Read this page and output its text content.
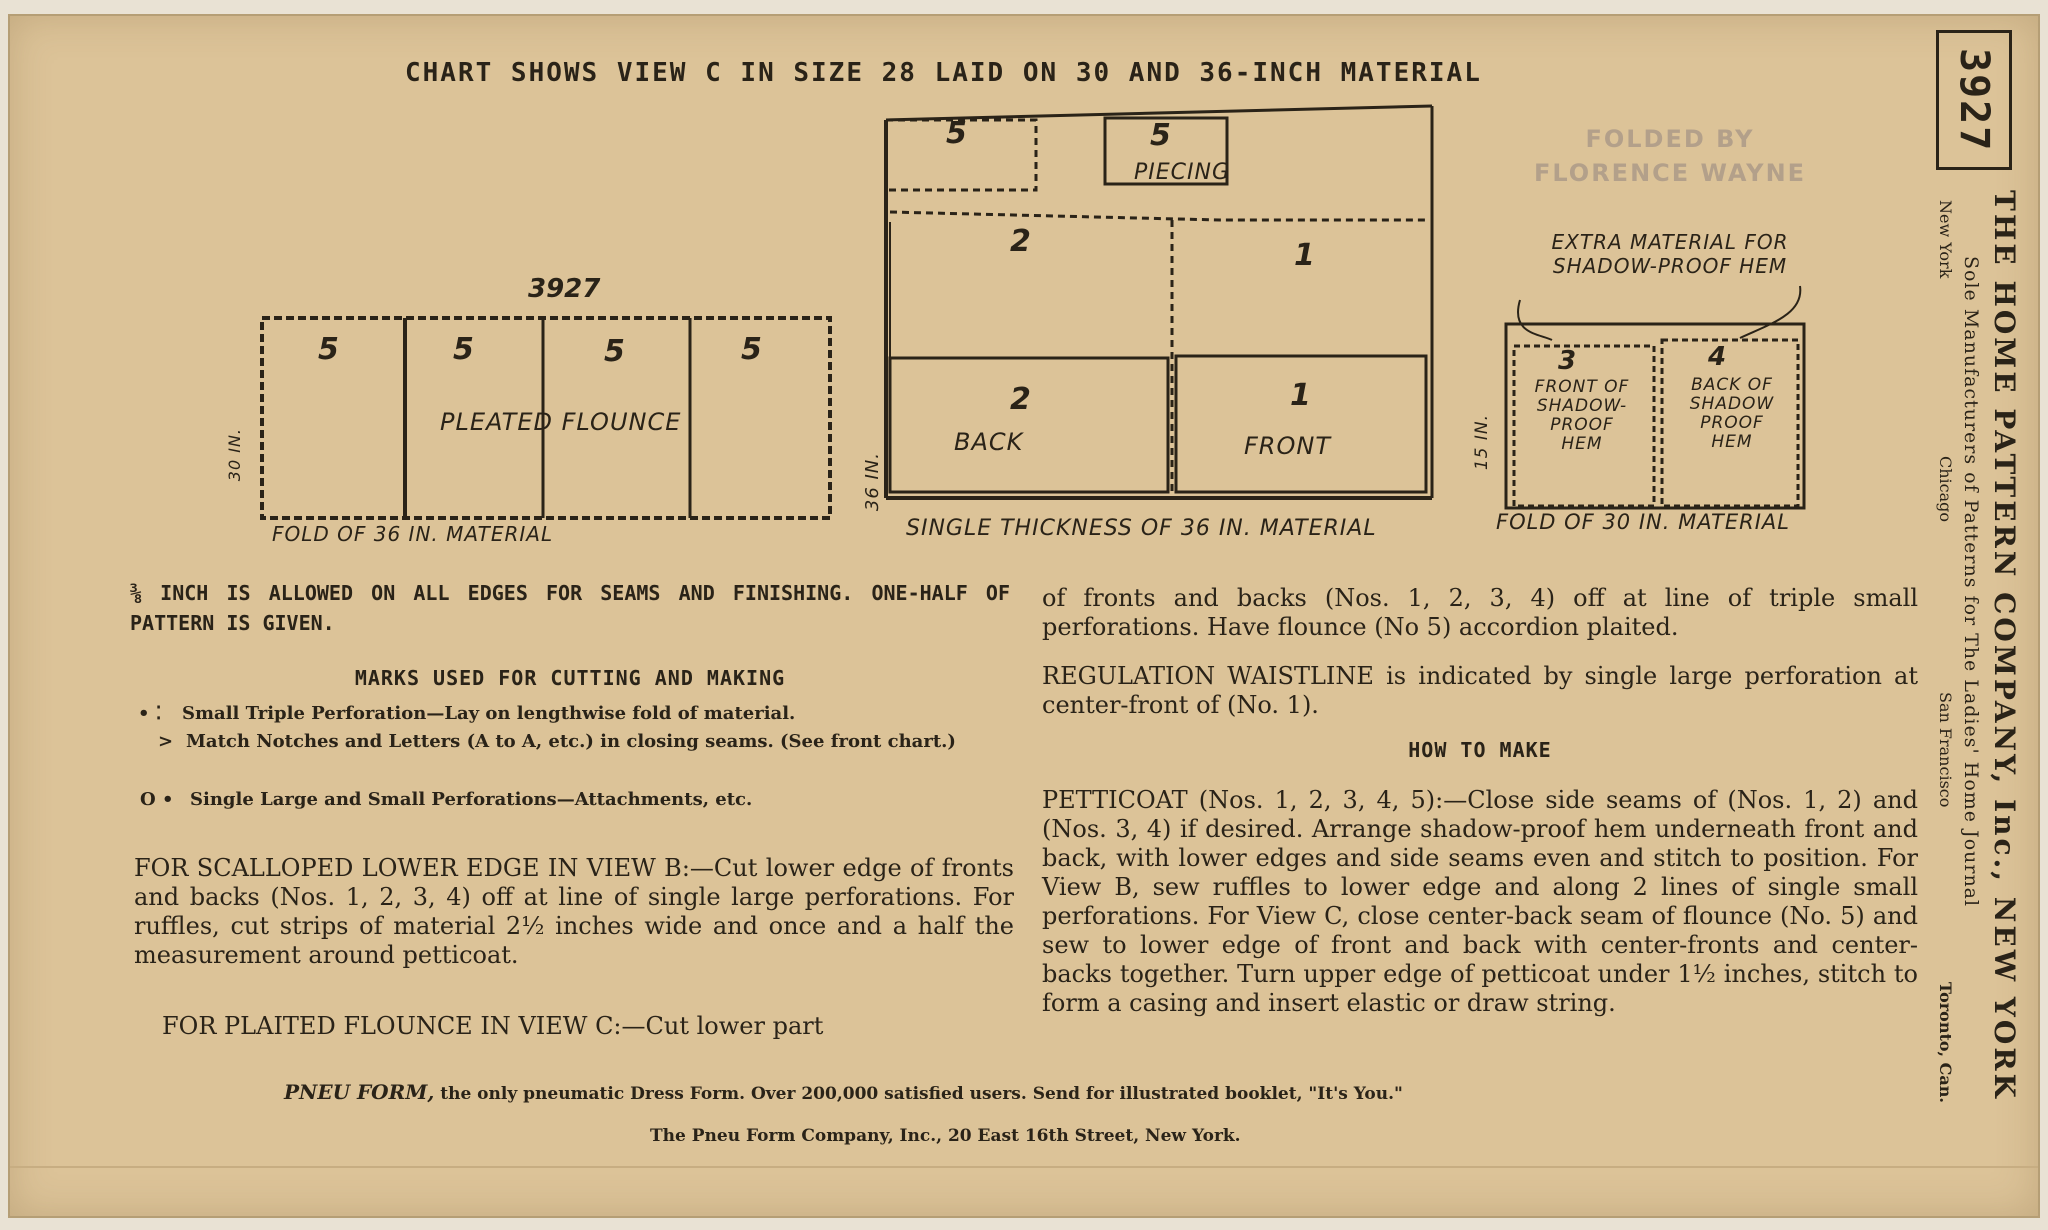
CHART SHOWS VIEW C IN SIZE 28 LAID ON 30 AND 36-INCH MATERIAL
FOLDED BY
FLORENCE WAYNE
3927
5	5	5	5
PLEATED FLOUNCE
FOLD OF 36 IN. MATERIAL
30 IN.
5	5
PIECING
2	1
2
BACK
1
FRONT
36 IN.
SINGLE THICKNESS OF 36 IN. MATERIAL
EXTRA MATERIAL FOR
SHADOW-PROOF HEM
3
FRONT OF
SHADOW-
PROOF
HEM
4
BACK OF
SHADOW
PROOF
HEM
15 IN.
FOLD OF 30 IN. MATERIAL
⅜ INCH IS ALLOWED ON ALL EDGES FOR SEAMS AND FINISHING. ONE-HALF OF PATTERN IS GIVEN.
MARKS USED FOR CUTTING AND MAKING
• ⁚ Small Triple Perforation—Lay on lengthwise fold of material.
> Match Notches and Letters (A to A, etc.) in closing seams. (See front chart.)
O • Single Large and Small Perforations—Attachments, etc.
FOR SCALLOPED LOWER EDGE IN VIEW B:—Cut lower edge of fronts and backs (Nos. 1, 2, 3, 4) off at line of single large perforations. For ruffles, cut strips of material 2½ inches wide and once and a half the measurement around petticoat.
FOR PLAITED FLOUNCE IN VIEW C:—Cut lower part
of fronts and backs (Nos. 1, 2, 3, 4) off at line of triple small perforations. Have flounce (No 5) accordion plaited.
REGULATION WAISTLINE is indicated by single large perforation at center-front of (No. 1).
HOW TO MAKE
PETTICOAT (Nos. 1, 2, 3, 4, 5):—Close side seams of (Nos. 1, 2) and (Nos. 3, 4) if desired. Arrange shadow-proof hem underneath front and back, with lower edges and side seams even and stitch to position. For View B, sew ruffles to lower edge and along 2 lines of single small perforations. For View C, close center-back seam of flounce (No. 5) and sew to lower edge of front and back with center-fronts and center-backs together. Turn upper edge of petticoat under 1½ inches, stitch to form a casing and insert elastic or draw string.
PNEU FORM, the only pneumatic Dress Form. Over 200,000 satisfied users. Send for illustrated booklet, "It's You."
The Pneu Form Company, Inc., 20 East 16th Street, New York.
3927
THE HOME PATTERN COMPANY, Inc., NEW YORK
Sole Manufacturers of Patterns for The Ladies' Home Journal
New York
Chicago
San Francisco
Toronto, Can.
